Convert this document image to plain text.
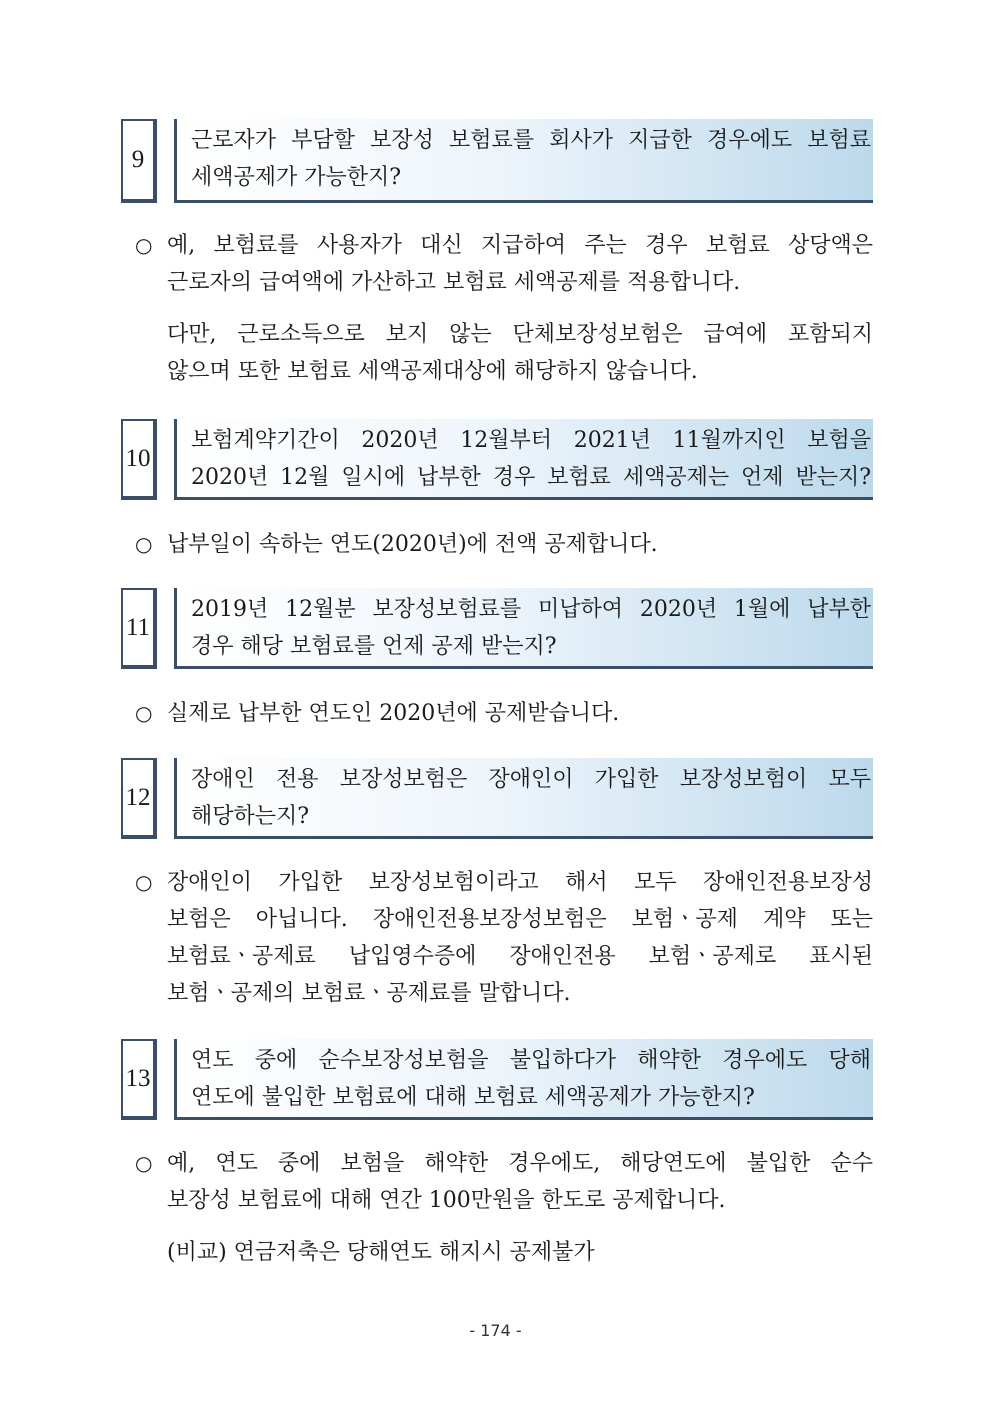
9
근로자가 부담할 보장성 보험료를 회사가 지급한 경우에도 보험료
세액공제가 가능한지?
○ 예, 보험료를 사용자가 대신 지급하여 주는 경우 보험료 상당액은
근로자의 급여액에 가산하고 보험료 세액공제를 적용합니다.
다만, 근로소득으로 보지 않는 단체보장성보험은 급여에 포함되지
않으며 또한 보험료 세액공제대상에 해당하지 않습니다.
10
보험계약기간이 2020년 12월부터 2021년 11월까지인 보험을
2020년 12월 일시에 납부한 경우 보험료 세액공제는 언제 받는지?
○ 납부일이 속하는 연도(2020년)에 전액 공제합니다.
11
2019년 12월분 보장성보험료를 미납하여 2020년 1월에 납부한
경우 해당 보험료를 언제 공제 받는지?
○ 실제로 납부한 연도인 2020년에 공제받습니다.
12
장애인 전용 보장성보험은 장애인이 가입한 보장성보험이 모두
해당하는지?
○ 장애인이 가입한 보장성보험이라고 해서 모두 장애인전용보장성
보험은 아닙니다. 장애인전용보장성보험은 보험ㆍ공제 계약 또는
보험료ㆍ공제료 납입영수증에 장애인전용 보험ㆍ공제로 표시된
보험ㆍ공제의 보험료ㆍ공제료를 말합니다.
13
연도 중에 순수보장성보험을 불입하다가 해약한 경우에도 당해
연도에 불입한 보험료에 대해 보험료 세액공제가 가능한지?
○ 예, 연도 중에 보험을 해약한 경우에도, 해당연도에 불입한 순수
보장성 보험료에 대해 연간 100만원을 한도로 공제합니다.
(비교) 연금저축은 당해연도 해지시 공제불가
- 174 -
